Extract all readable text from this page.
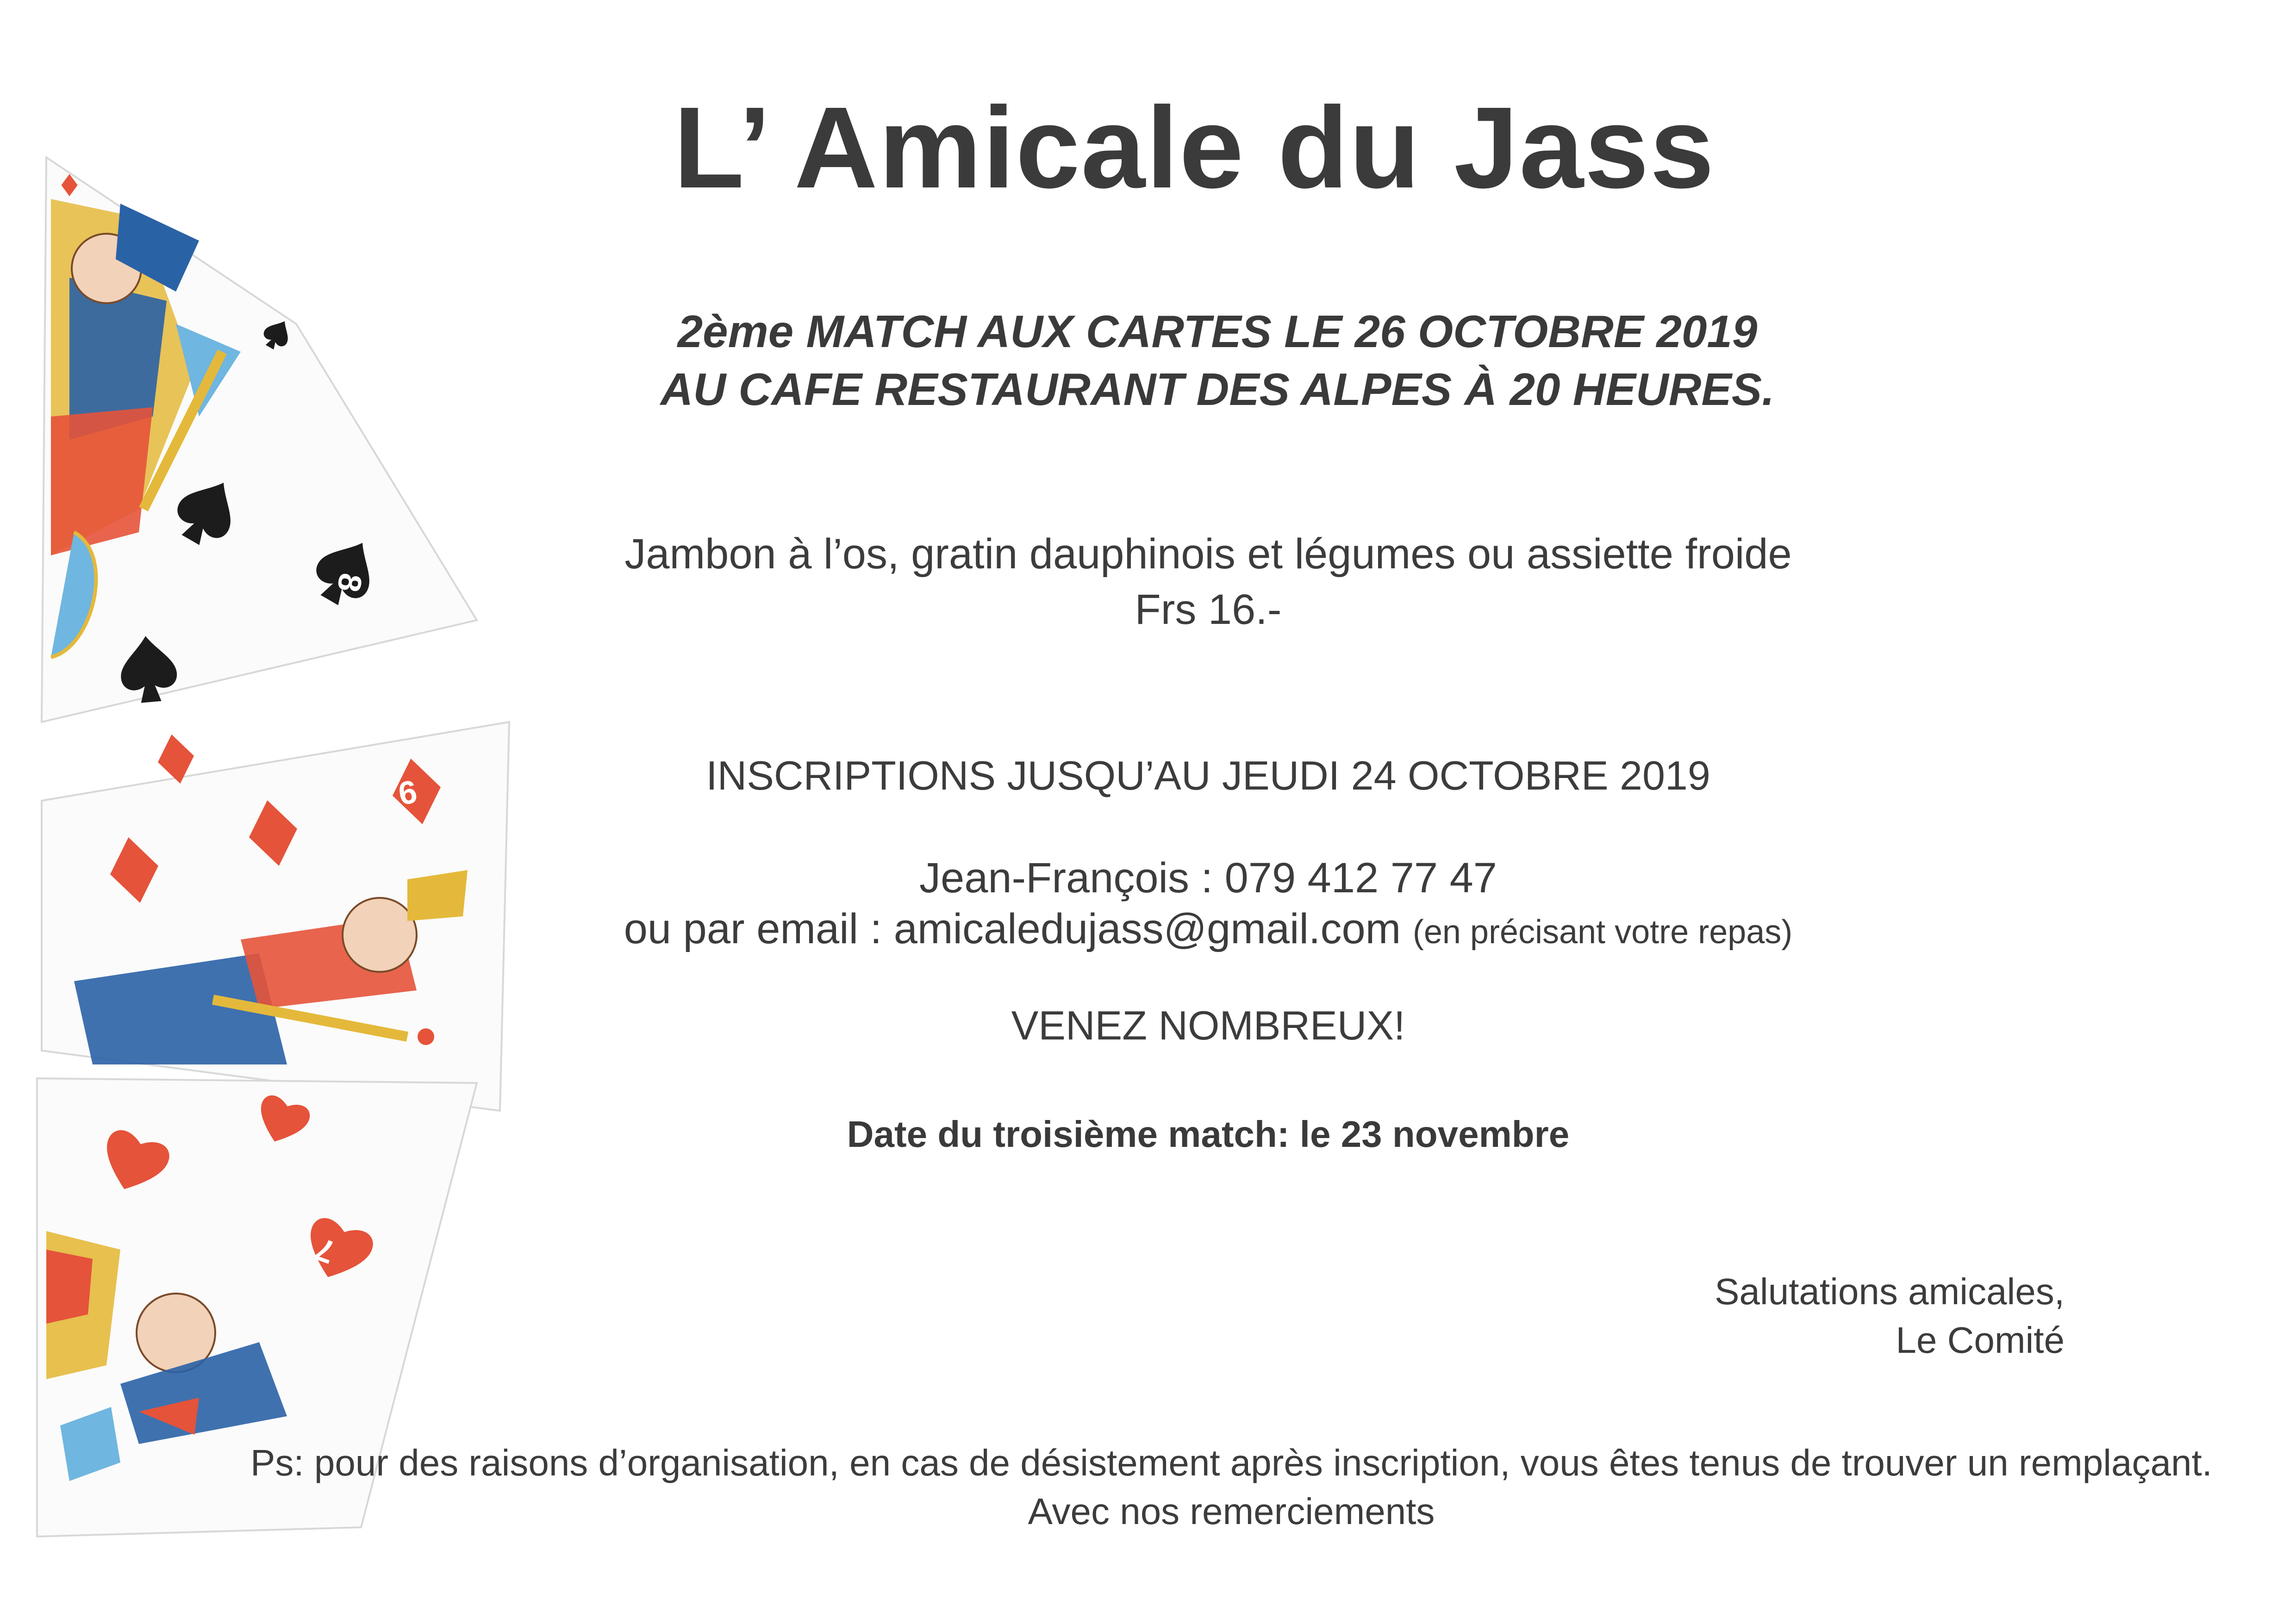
8
9
7
L’ Amicale du Jass
2ème MATCH AUX CARTES LE 26 OCTOBRE 2019
AU CAFE RESTAURANT DES ALPES À 20 HEURES.
Jambon à l’os, gratin dauphinois et légumes ou assiette froide
Frs 16.-
INSCRIPTIONS JUSQU’AU JEUDI 24 OCTOBRE 2019
Jean-François : 079 412 77 47
ou par email : amicaledujass@gmail.com (en précisant votre repas)
VENEZ NOMBREUX!
Date du troisième match: le 23 novembre
Salutations amicales,
Le Comité
Ps: pour des raisons d’organisation, en cas de désistement après inscription, vous êtes tenus de trouver un remplaçant.
Avec nos remerciements
